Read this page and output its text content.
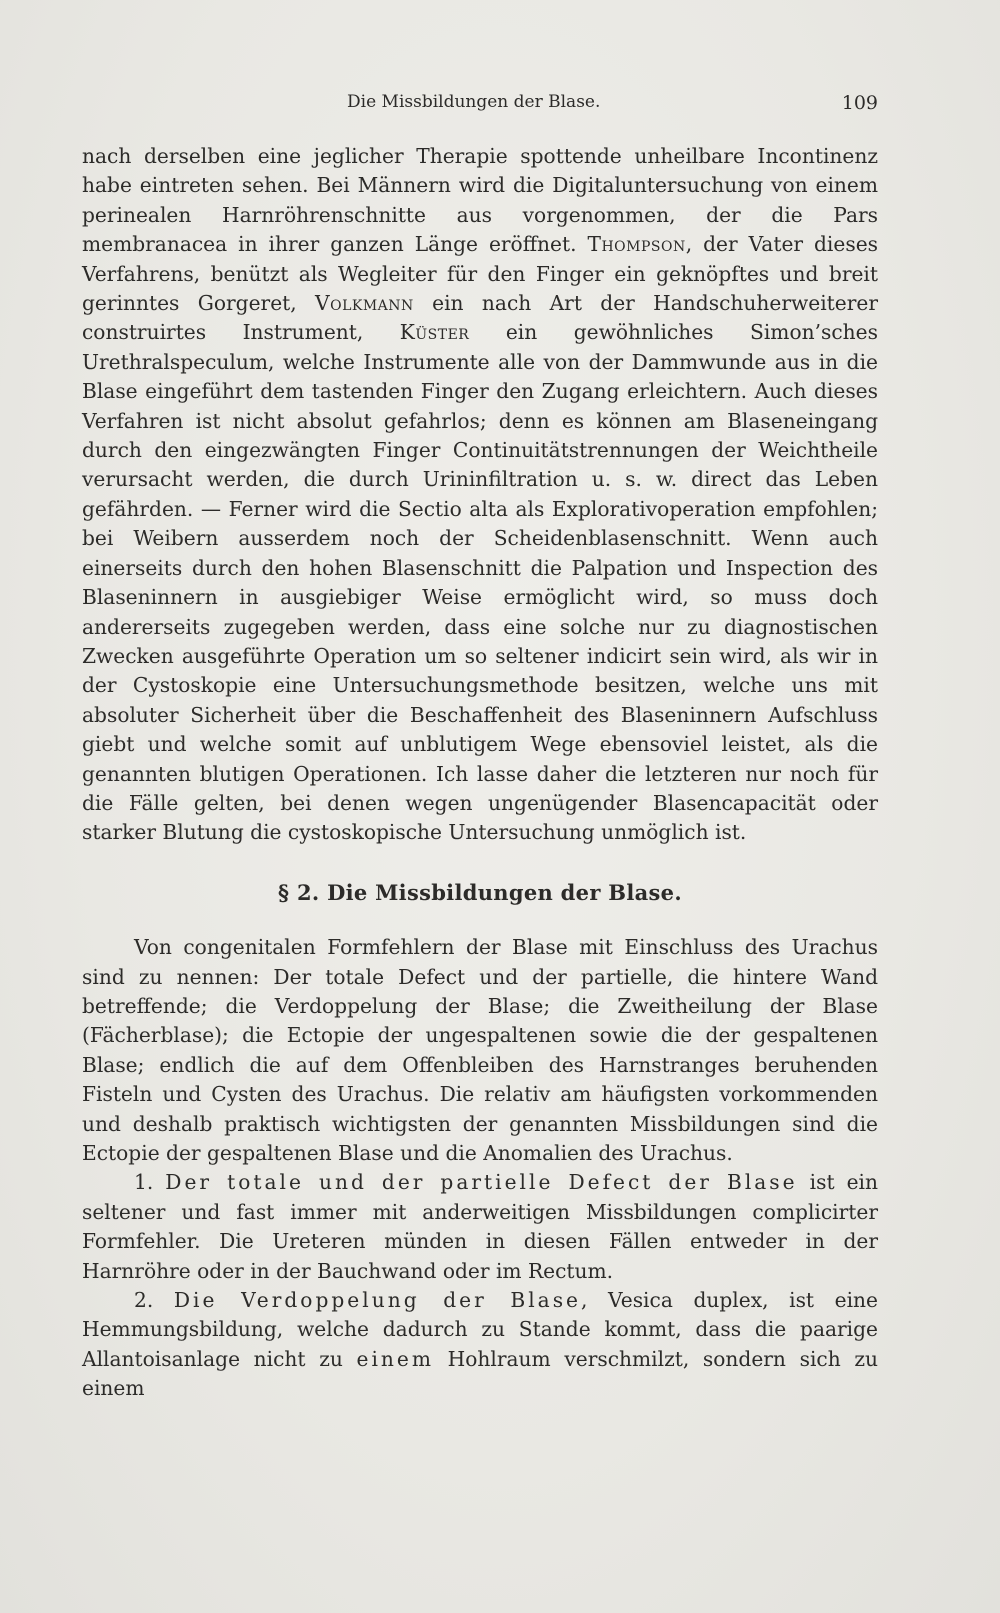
Die Missbildungen der Blase.	109

nach derselben eine jeglicher Therapie spottende unheilbare Incontinenz habe eintreten sehen. Bei Männern wird die Digitaluntersuchung von einem perinealen Harnröhrenschnitte aus vorgenommen, der die Pars membranacea in ihrer ganzen Länge eröffnet. Thompson, der Vater dieses Verfahrens, benützt als Wegleiter für den Finger ein geknöpftes und breit gerinntes Gorgeret, Volkmann ein nach Art der Handschuherweiterer construirtes Instrument, Küster ein gewöhnliches Simon’sches Urethralspeculum, welche Instrumente alle von der Dammwunde aus in die Blase eingeführt dem tastenden Finger den Zugang erleichtern. Auch dieses Verfahren ist nicht absolut gefahrlos; denn es können am Blaseneingang durch den eingezwängten Finger Continuitätstrennungen der Weichtheile verursacht werden, die durch Urininfiltration u. s. w. direct das Leben gefährden. — Ferner wird die Sectio alta als Explorativoperation empfohlen; bei Weibern ausserdem noch der Scheidenblasenschnitt. Wenn auch einerseits durch den hohen Blasenschnitt die Palpation und Inspection des Blaseninnern in ausgiebiger Weise ermöglicht wird, so muss doch andererseits zugegeben werden, dass eine solche nur zu diagnostischen Zwecken ausgeführte Operation um so seltener indicirt sein wird, als wir in der Cystoskopie eine Untersuchungsmethode besitzen, welche uns mit absoluter Sicherheit über die Beschaffenheit des Blaseninnern Aufschluss giebt und welche somit auf unblutigem Wege ebensoviel leistet, als die genannten blutigen Operationen. Ich lasse daher die letzteren nur noch für die Fälle gelten, bei denen wegen ungenügender Blasencapacität oder starker Blutung die cystoskopische Untersuchung unmöglich ist.

§ 2. Die Missbildungen der Blase.

Von congenitalen Formfehlern der Blase mit Einschluss des Urachus sind zu nennen: Der totale Defect und der partielle, die hintere Wand betreffende; die Verdoppelung der Blase; die Zweitheilung der Blase (Fächerblase); die Ectopie der ungespaltenen sowie die der gespaltenen Blase; endlich die auf dem Offenbleiben des Harnstranges beruhenden Fisteln und Cysten des Urachus. Die relativ am häufigsten vorkommenden und deshalb praktisch wichtigsten der genannten Missbildungen sind die Ectopie der gespaltenen Blase und die Anomalien des Urachus.

1. Der totale und der partielle Defect der Blase ist ein seltener und fast immer mit anderweitigen Missbildungen complicirter Formfehler. Die Ureteren münden in diesen Fällen entweder in der Harnröhre oder in der Bauchwand oder im Rectum.

2. Die Verdoppelung der Blase, Vesica duplex, ist eine Hemmungsbildung, welche dadurch zu Stande kommt, dass die paarige Allantoisanlage nicht zu einem Hohlraum verschmilzt, sondern sich zu einem
